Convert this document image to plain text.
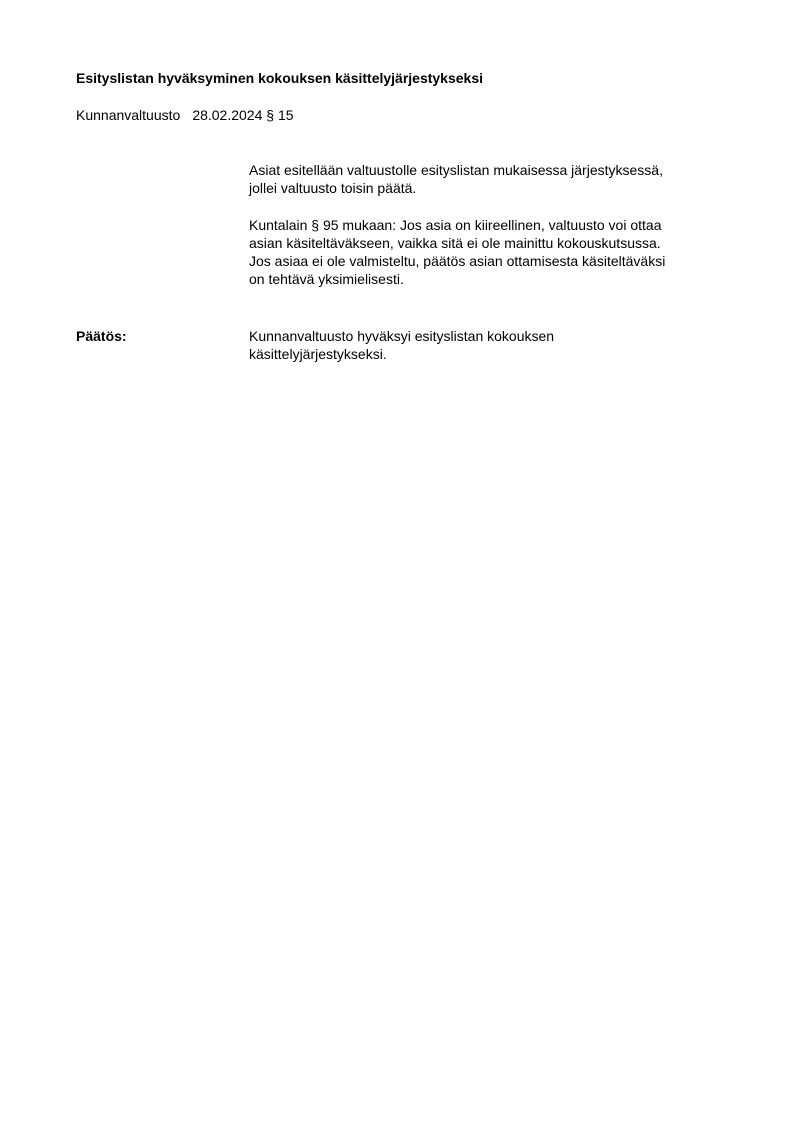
Esityslistan hyväksyminen kokouksen käsittelyjärjestykseksi
Kunnanvaltuusto 28.02.2024 § 15

Asiat esitellään valtuustolle esityslistan mukaisessa järjestyksessä,
jollei valtuusto toisin päätä.

Kuntalain § 95 mukaan: Jos asia on kiireellinen, valtuusto voi ottaa
asian käsiteltäväkseen, vaikka sitä ei ole mainittu kokouskutsussa.
Jos asiaa ei ole valmisteltu, päätös asian ottamisesta käsiteltäväksi
on tehtävä yksimielisesti.

Päätös:	Kunnanvaltuusto hyväksyi esityslistan kokouksen
käsittelyjärjestykseksi.
